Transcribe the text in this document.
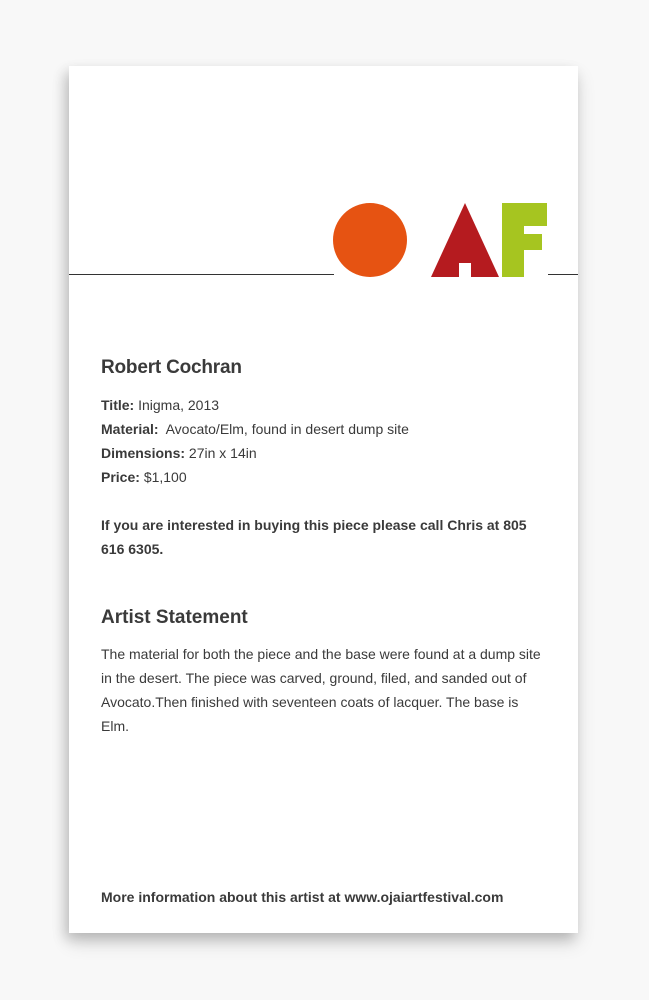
Robert Cochran
Title: Inigma, 2013
Material: Avocato/Elm, found in desert dump site
Dimensions: 27in x 14in
Price: $1,100

If you are interested in buying this piece please call Chris at 805 616 6305.

Artist Statement

The material for both the piece and the base were found at a dump site in the desert. The piece was carved, ground, filed, and sanded out of Avocato.Then finished with seventeen coats of lacquer. The base is Elm.

More information about this artist at www.ojaiartfestival.com
